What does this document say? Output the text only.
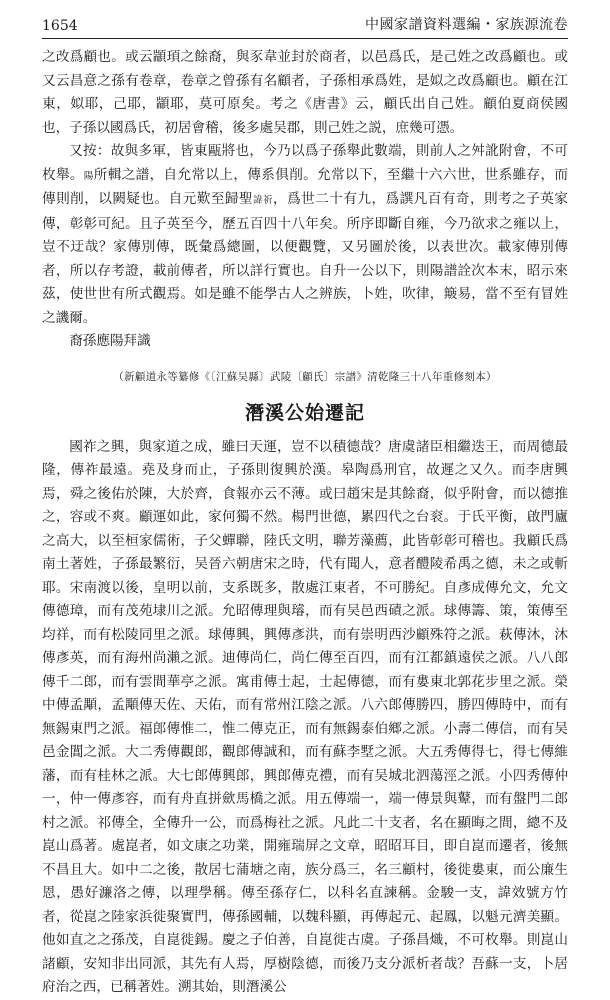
1654	中國家譜資料選編・家族源流卷

之改爲顧也。或云顓頊之餘裔，與豕韋並封於商者，以邑爲氏，是己姓之改爲顧也。或又云昌意之孫有卷章，卷章之曾孫有名顧者，子孫相承爲姓，是姒之改爲顧也。顧在江東，姒耶，己耶，顓耶，莫可原矣。考之《唐書》云，顧氏出自己姓。顧伯夏商侯國也，子孫以國爲氏，初居會稽，後多處吴郡，則己姓之説，庶幾可憑。

又按：故與多軍，皆東甌將也，今乃以爲子孫舉此數端，則前人之舛訛附會，不可枚舉。陽所輯之譜，自允常以上，傳系俱削。允常以下，至繼十六六世，世系雖存，而傳則削，以闕疑也。自元歎至歸聖諱祈，爲世二十有九，爲譔凡百有奇，則考之子英家傳，彰彰可紀。且子英至今，歷五百四十八年矣。所序即斷自雍，今乃欲求之雍以上，豈不迂哉？家傳別傳，既彙爲總圖，以便觀覽，又另圖於後，以表世次。載家傳別傳者，所以存考證，載前傳者，所以詳行實也。自升一公以下，則陽譜詮次本末，昭示來茲，使世世有所式觀焉。如是雖不能學古人之辨族，卜姓，吹律，簸易，當不至有冒姓之譏爾。

裔孫應陽拜識

（新顧道永等纂修《〔江蘇吴縣〕武陵〔顧氏〕宗譜》清乾隆三十八年重修刻本）

潛溪公始遷記

國祚之興，與家道之成，雖曰天運，豈不以積德哉？唐虞諸臣相繼迭王，而周德最隆，傳祚最遠。堯及身而止，子孫則復興於漢。皋陶爲刑官，故遲之又久。而李唐興焉，舜之後佑於陳，大於齊，食報亦云不薄。或曰趙宋是其餘裔，似乎附會，而以德推之，容或不爽。顧運如此，家何獨不然。楊門世德，累四代之台衮。于氏平衡，啟門廬之高大，以至桓家儒術，子父蟬聯，陸氏文明，聯芳藻薦，此皆彰彰可稽也。我顧氏爲南土著姓，子孫最繁衍，吴晉六朝唐宋之時，代有聞人，意者醴陵希禹之德，未之或斬耶。宋南渡以後，皇明以前，支系既多，散處江東者，不可勝紀。自彥成傳允文，允文傳德璋，而有茂苑埭川之派。允昭傳理與璿，而有吴邑西磧之派。球傳籌、策，策傳至均祥，而有松陵同里之派。球傳興，興傳彥洪，而有崇明西沙顧殊符之派。萩傳沐，沐傳彥英，而有海州尚瀨之派。迪傳尚仁，尚仁傳至百四，而有江都鎮遠侯之派。八八郎傳千二郎，而有雲間華亭之派。寓甫傳士起，士起傳德，而有婁東北郭花步里之派。榮中傳孟顒，孟顒傳天佐、天佑，而有常州江陰之派。八六郎傳勝四，勝四傳時中，而有無錫東門之派。福郎傳惟二，惟二傳克正，而有無錫泰伯鄉之派。小壽二傳信，而有吴邑金閶之派。大二秀傳觀郎，觀郎傳誠和，而有蘇李墅之派。大五秀傳得七，得七傳維藩，而有桂林之派。大七郎傳興郎，興郎傳克禮，而有吴城北泗蕩涇之派。小四秀傳仲一，仲一傳彥容，而有舟直拼歛馬橋之派。用五傳端一，端一傳景與鼙，而有盤門二郎村之派。祁傳全，全傳升一公，而爲梅社之派。凡此二十支者，名在顯晦之間，總不及崑山爲著。處崑者，如文康之功業，開雍瑞屏之文章，昭昭耳目，即自崑而遷者，後無不昌且大。如中二之後，散居七蒲塘之南，族分爲三，名三顧村，後徙婁東，而公廉生恩，愚好濂洛之傳，以理學稱。傳至孫存仁，以科名直諫稱。金駿一支，諱效號方竹者，從崑之陸家浜徙聚實門，傳孫國輔，以魏科顯，再傳起元、起鳳，以魁元濟美顯。他如直之之孫茂，自崑徙錫。慶之子伯善，自崑徙古虞。子孫昌熾，不可枚舉。則崑山諸顧，安知非出同派，其先有人焉，厚樹陰德，而後乃支分派析者哉？吾蘇一支，卜居府治之西，已稱著姓。溯其始，則潛溪公
